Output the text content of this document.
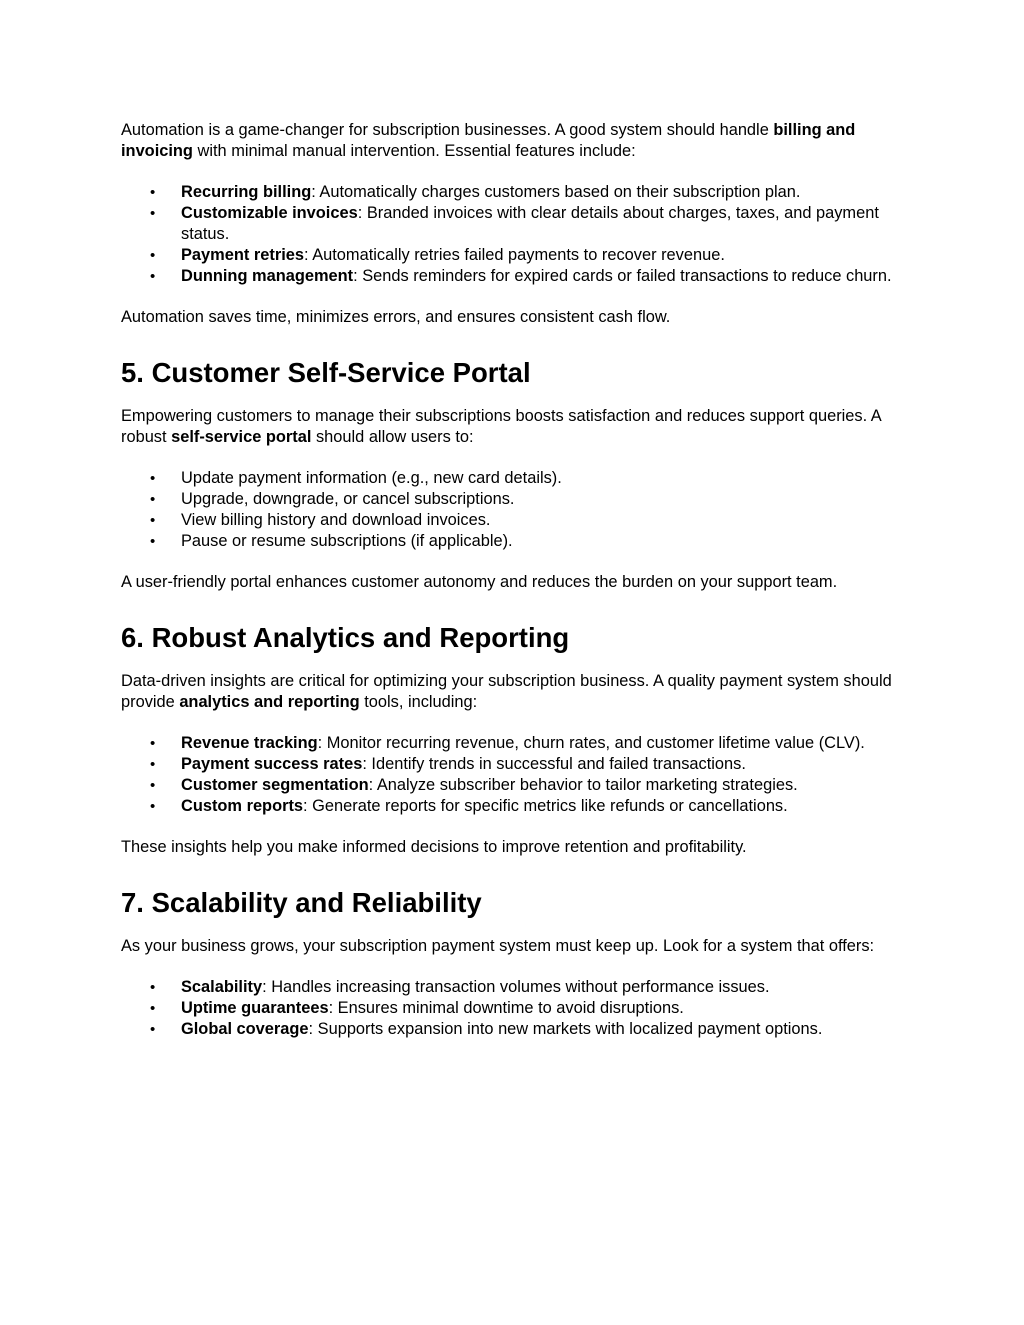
Automation is a game-changer for subscription businesses. A good system should handle billing and invoicing with minimal manual intervention. Essential features include:

• Recurring billing: Automatically charges customers based on their subscription plan.
• Customizable invoices: Branded invoices with clear details about charges, taxes, and payment status.
• Payment retries: Automatically retries failed payments to recover revenue.
• Dunning management: Sends reminders for expired cards or failed transactions to reduce churn.

Automation saves time, minimizes errors, and ensures consistent cash flow.

5. Customer Self-Service Portal

Empowering customers to manage their subscriptions boosts satisfaction and reduces support queries. A robust self-service portal should allow users to:

• Update payment information (e.g., new card details).
• Upgrade, downgrade, or cancel subscriptions.
• View billing history and download invoices.
• Pause or resume subscriptions (if applicable).

A user-friendly portal enhances customer autonomy and reduces the burden on your support team.

6. Robust Analytics and Reporting

Data-driven insights are critical for optimizing your subscription business. A quality payment system should provide analytics and reporting tools, including:

• Revenue tracking: Monitor recurring revenue, churn rates, and customer lifetime value (CLV).
• Payment success rates: Identify trends in successful and failed transactions.
• Customer segmentation: Analyze subscriber behavior to tailor marketing strategies.
• Custom reports: Generate reports for specific metrics like refunds or cancellations.

These insights help you make informed decisions to improve retention and profitability.

7. Scalability and Reliability

As your business grows, your subscription payment system must keep up. Look for a system that offers:

• Scalability: Handles increasing transaction volumes without performance issues.
• Uptime guarantees: Ensures minimal downtime to avoid disruptions.
• Global coverage: Supports expansion into new markets with localized payment options.
